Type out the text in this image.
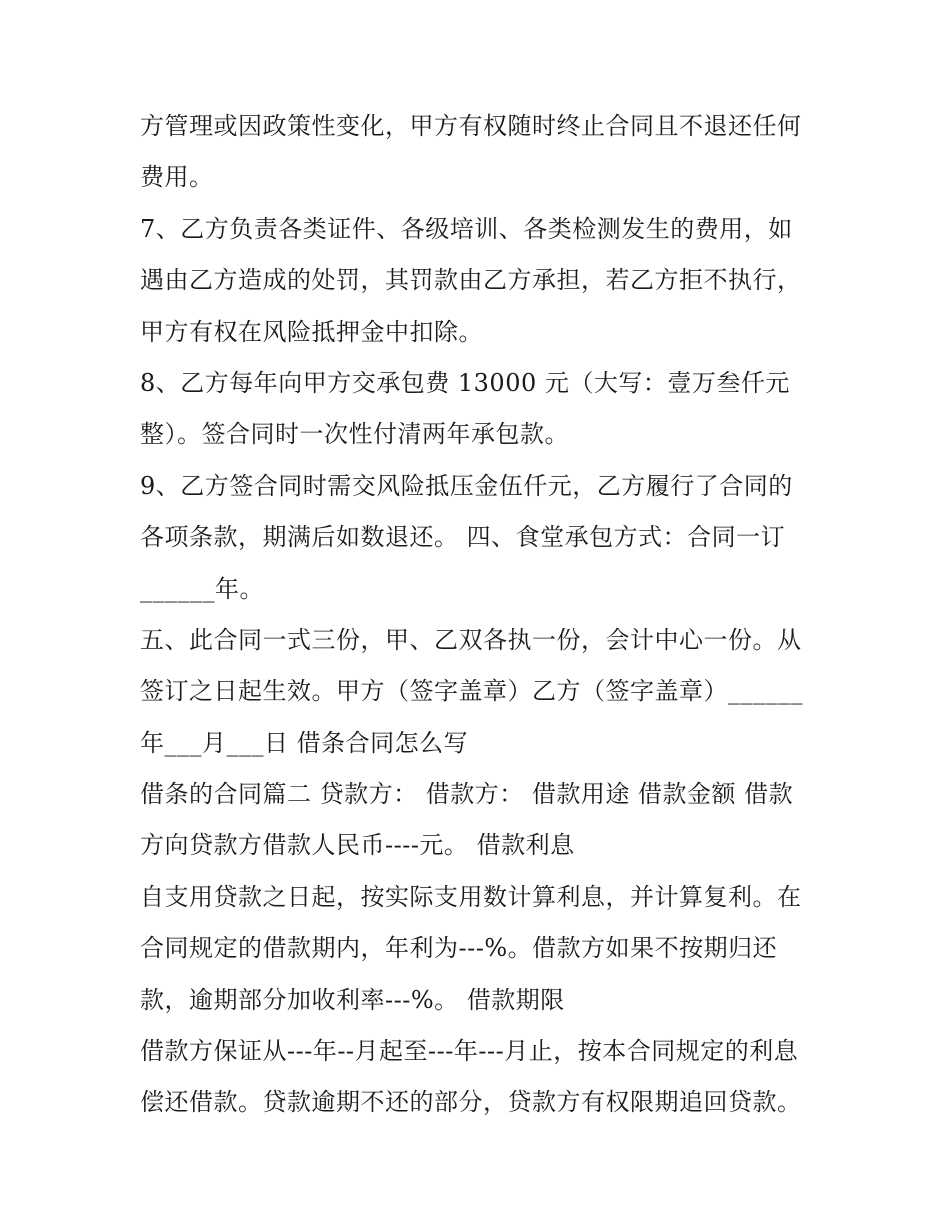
方管理或因政策性变化，甲方有权随时终止合同且不退还任何
费用。
7、乙方负责各类证件、各级培训、各类检测发生的费用，如
遇由乙方造成的处罚，其罚款由乙方承担，若乙方拒不执行，
甲方有权在风险抵押金中扣除。
8、乙方每年向甲方交承包费 13000 元（大写：壹万叁仟元
整）。签合同时一次性付清两年承包款。
9、乙方签合同时需交风险抵压金伍仟元，乙方履行了合同的
各项条款，期满后如数退还。 四、食堂承包方式：合同一订
______年。
五、此合同一式三份，甲、乙双各执一份，会计中心一份。从
签订之日起生效。甲方（签字盖章）乙方（签字盖章）______
年___月___日 借条合同怎么写
借条的合同篇二 贷款方： 借款方： 借款用途 借款金额 借款
方向贷款方借款人民币----元。 借款利息
自支用贷款之日起，按实际支用数计算利息，并计算复利。在
合同规定的借款期内，年利为---%。借款方如果不按期归还
款，逾期部分加收利率---%。 借款期限
借款方保证从---年--月起至---年---月止，按本合同规定的利息
偿还借款。贷款逾期不还的部分，贷款方有权限期追回贷款。
